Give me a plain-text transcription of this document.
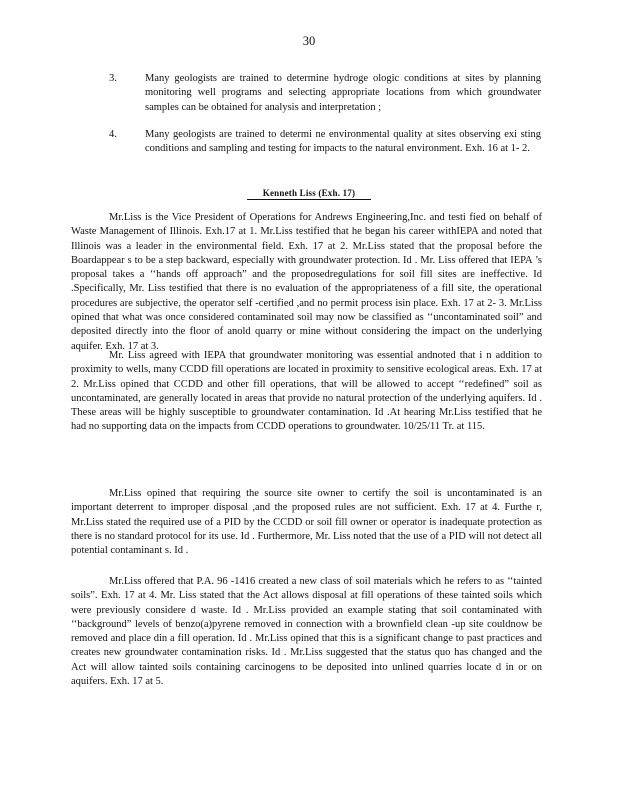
30
3.	Many geologists are trained to determine hydroge ologic conditions at sites by planning monitoring well programs and selecting appropriate locations from which groundwater samples can be obtained for analysis and interpretation ;
4.	Many geologists are trained to determi ne environmental quality at sites observing exi sting conditions and sampling and testing for impacts to the natural environment. Exh. 16 at 1- 2.
Kenneth Liss (Exh. 17)

Mr.Liss is the Vice President of Operations for Andrews Engineering,Inc. and testi fied on behalf of Waste Management of Illinois. Exh.17 at 1. Mr.Liss testified that he began his career withIEPA and noted that Illinois was a leader in the environmental field. Exh. 17 at 2. Mr.Liss stated that the proposal before the Boardappear s to be a step backward, especially with groundwater protection. Id . Mr. Liss offered that IEPA ’s proposal takes a ‘‘hands off approach” and the proposedregulations for soil fill sites are ineffective. Id .Specifically, Mr. Liss testified that there is no evaluation of the appropriateness of a fill site, the operational procedures are subjective, the operator self -certified ,and no permit process isin place. Exh. 17 at 2- 3. Mr.Liss opined that what was once considered contaminated soil may now be classified as ‘‘uncontaminated soil” and deposited directly into the floor of anold quarry or mine without considering the impact on the underlying aquifer. Exh. 17 at 3.

Mr. Liss agreed with IEPA that groundwater monitoring was essential andnoted that i n addition to proximity to wells, many CCDD fill operations are located in proximity to sensitive ecological areas. Exh. 17 at 2. Mr.Liss opined that CCDD and other fill operations, that will be allowed to accept ‘‘redefined” soil as uncontaminated, are generally located in areas that provide no natural protection of the underlying aquifers. Id . These areas will be highly susceptible to groundwater contamination. Id .At hearing Mr.Liss testified that he had no supporting data on the impacts from CCDD operations to groundwater. 10/25/11 Tr. at 115.

Mr.Liss opined that requiring the source site owner to certify the soil is uncontaminated is an important deterrent to improper disposal ,and the proposed rules are not sufficient. Exh. 17 at 4. Furthe r, Mr.Liss stated the required use of a PID by the CCDD or soil fill owner or operator is inadequate protection as there is no standard protocol for its use. Id . Furthermore, Mr. Liss noted that the use of a PID will not detect all potential contaminant s. Id .

Mr.Liss offered that P.A. 96 -1416 created a new class of soil materials which he refers to as ‘‘tainted soils”. Exh. 17 at 4. Mr. Liss stated that the Act allows disposal at fill operations of these tainted soils which were previously considere d waste. Id . Mr.Liss provided an example stating that soil contaminated with ‘‘background” levels of benzo(a)pyrene removed in connection with a brownfield clean -up site couldnow be removed and place din a fill operation. Id . Mr.Liss opined that this is a significant change to past practices and creates new groundwater contamination risks. Id . Mr.Liss suggested that the status quo has changed and the Act will allow tainted soils containing carcinogens to be deposited into unlined quarries locate d in or on aquifers. Exh. 17 at 5.
